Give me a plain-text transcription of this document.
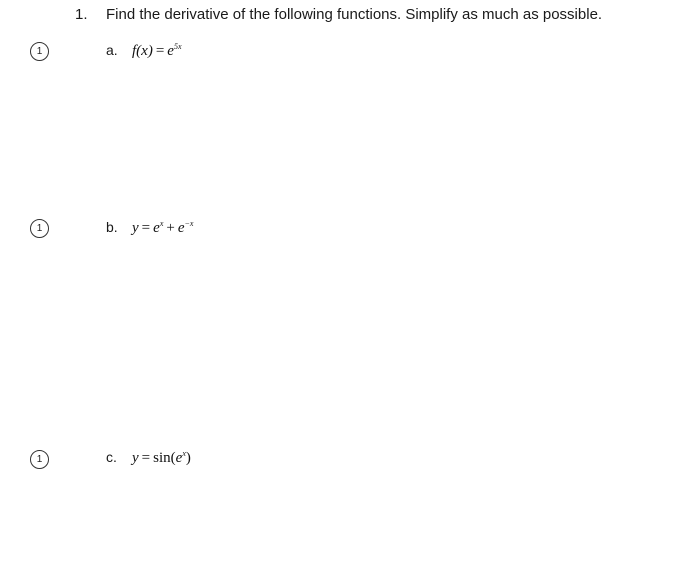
1. Find the derivative of the following functions. Simplify as much as possible.
1	a. $f(x) = e^{5x}$
1	b. $y = e^x + e^{-x}$
1	c.	$y = \sin(e^x)$
